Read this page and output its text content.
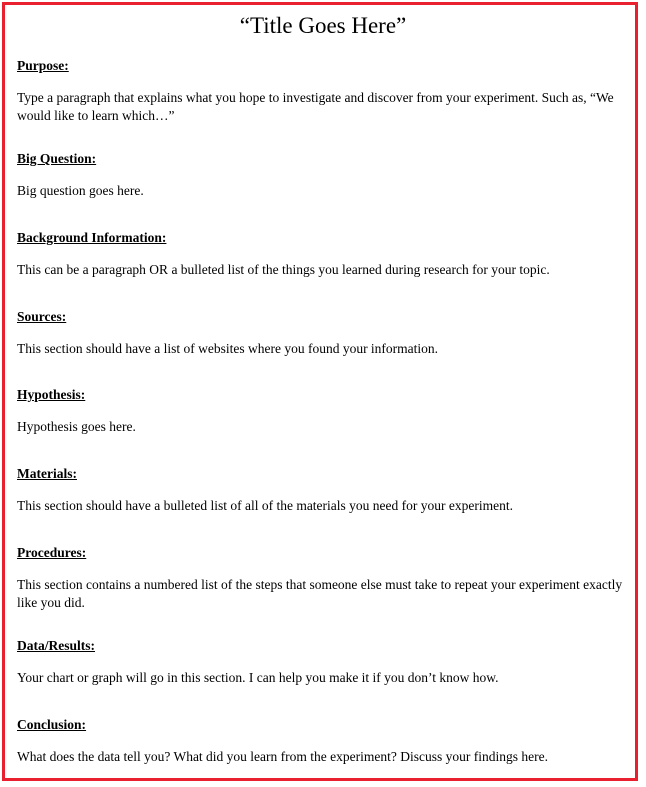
“Title Goes Here”

Purpose:

Type a paragraph that explains what you hope to investigate and discover from your experiment. Such as, “We would like to learn which…”

Big Question:

Big question goes here.

Background Information:

This can be a paragraph OR a bulleted list of the things you learned during research for your topic.

Sources:

This section should have a list of websites where you found your information.

Hypothesis:

Hypothesis goes here.

Materials:

This section should have a bulleted list of all of the materials you need for your experiment.

Procedures:

This section contains a numbered list of the steps that someone else must take to repeat your experiment exactly like you did.

Data/Results:

Your chart or graph will go in this section. I can help you make it if you don’t know how.

Conclusion:

What does the data tell you? What did you learn from the experiment? Discuss your findings here.
